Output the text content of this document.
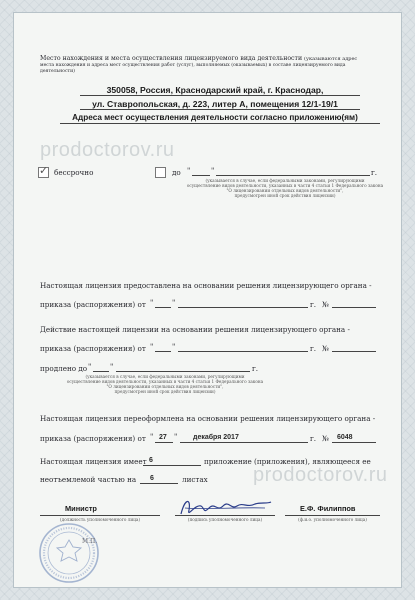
prodoctorov.ru
prodoctorov.ru
Место нахождения и места осуществления лицензируемого вида деятельности (указываются адрес
места нахождения и адреса мест осуществления работ (услуг), выполняемых (оказываемых) в составе лицензируемого вида
деятельности)
350058, Россия, Краснодарский край, г. Краснодар,
ул. Ставропольская, д. 223, литер А, помещения 12/1-19/1
Адреса мест осуществления деятельности согласно приложению(ям)
✓ бессрочно	до "	"	г.
(указывается в случае, если федеральными законами, регулирующими
осуществление видов деятельности, указанных в части 4 статьи 1 Федерального закона
"О лицензировании отдельных видов деятельности",
предусмотрен иной срок действия лицензии)
Настоящая лицензия предоставлена на основании решения лицензирующего органа -
приказа (распоряжения) от "	"	г. №
Действие настоящей лицензии на основании решения лицензирующего органа -
приказа (распоряжения) от "	"	г. №
продлено до "	"	г.
(указывается в случае, если федеральными законами, регулирующими
осуществление видов деятельности, указанных в части 4 статьи 1 Федерального закона
"О лицензировании отдельных видов деятельности",
предусмотрен иной срок действия лицензии)
Настоящая лицензия переоформлена на основании решения лицензирующего органа -
приказа (распоряжения) от " 27 " декабря 2017	г. № 6048
Настоящая лицензия имеет 6	приложение (приложения), являющееся ее
неотъемлемой частью на 6	листах
Министр
(должность уполномоченного лица)	(подпись уполномоченного лица)
Е.Ф. Филиппов
(ф.и.о. уполномоченного лица)
М.П.
